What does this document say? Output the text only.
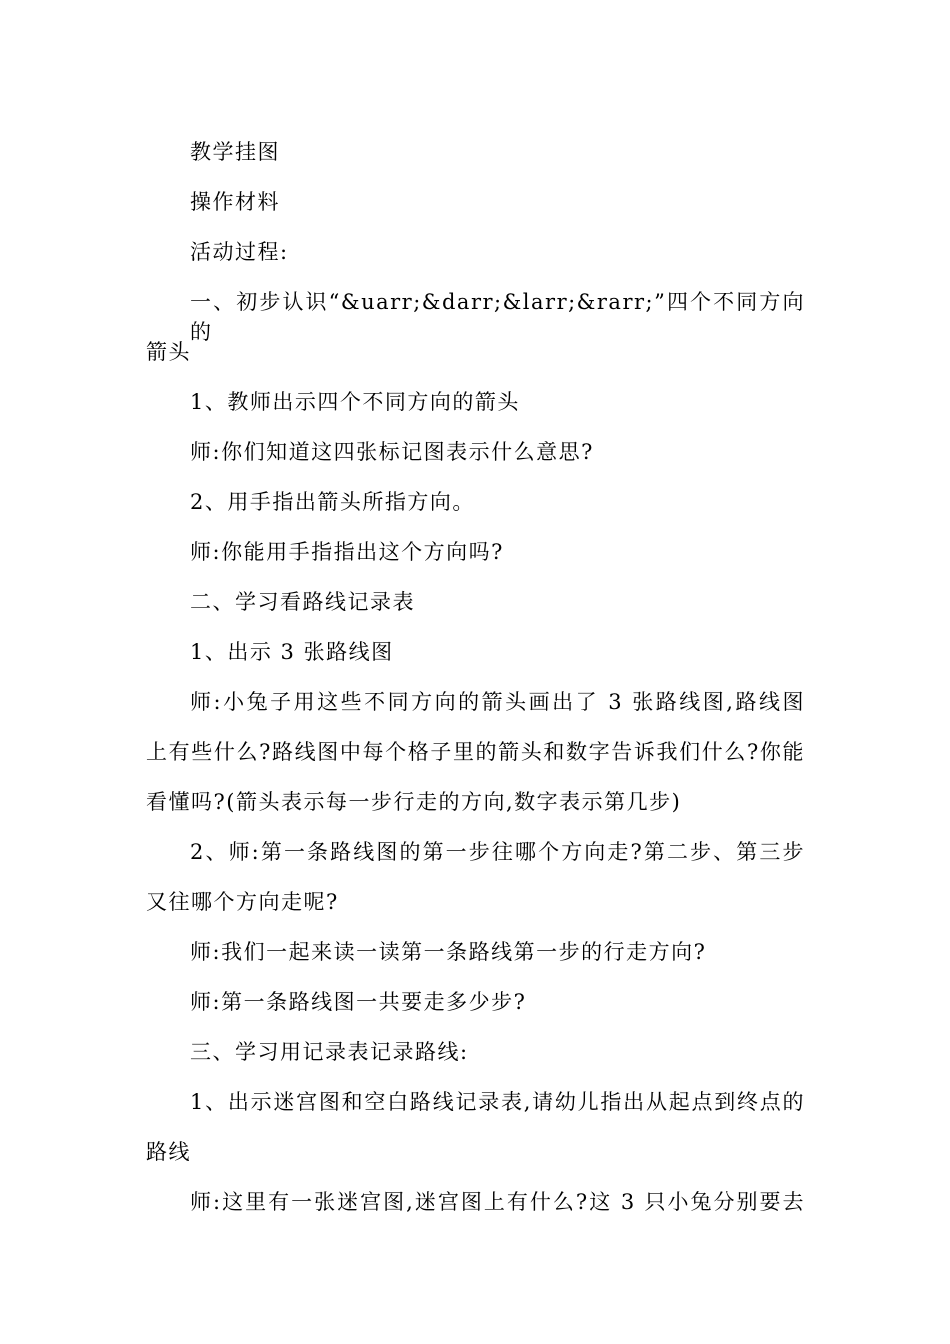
教学挂图
操作材料
活动过程:
一、初步认识“&uarr;&darr;&larr;&rarr;”四个不同方向的
箭头
1、教师出示四个不同方向的箭头
师:你们知道这四张标记图表示什么意思?
2、用手指出箭头所指方向。
师:你能用手指指出这个方向吗?
二、学习看路线记录表
1、出示 3 张路线图
师:小兔子用这些不同方向的箭头画出了 3 张路线图,路线图
上有些什么?路线图中每个格子里的箭头和数字告诉我们什么?你能
看懂吗?(箭头表示每一步行走的方向,数字表示第几步)
2、师:第一条路线图的第一步往哪个方向走?第二步、第三步
又往哪个方向走呢?
师:我们一起来读一读第一条路线第一步的行走方向?
师:第一条路线图一共要走多少步?
三、学习用记录表记录路线:
1、出示迷宫图和空白路线记录表,请幼儿指出从起点到终点的
路线
师:这里有一张迷宫图,迷宫图上有什么?这 3 只小兔分别要去
